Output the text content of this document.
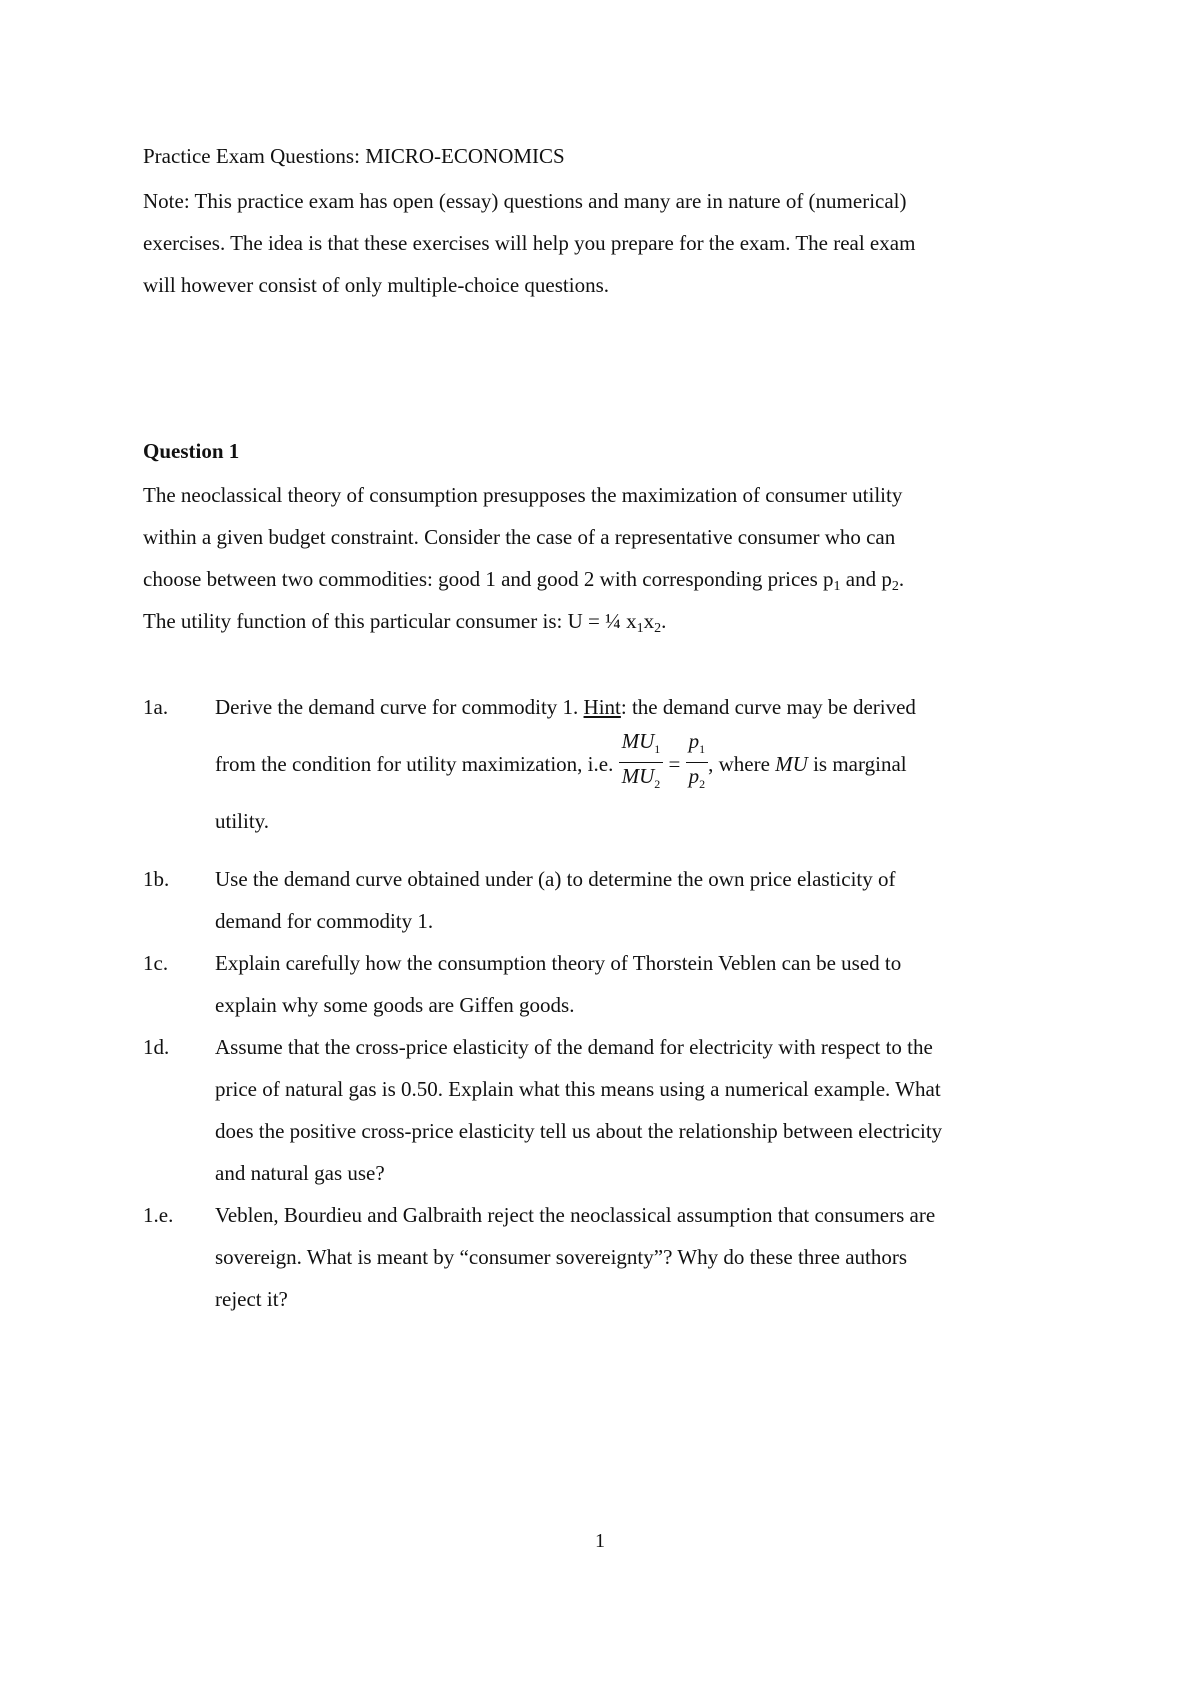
Practice Exam Questions: MICRO-ECONOMICS
Note: This practice exam has open (essay) questions and many are in nature of (numerical)
exercises. The idea is that these exercises will help you prepare for the exam. The real exam
will however consist of only multiple-choice questions.
Question 1
The neoclassical theory of consumption presupposes the maximization of consumer utility
within a given budget constraint. Consider the case of a representative consumer who can
choose between two commodities: good 1 and good 2 with corresponding prices $p_1$ and $p_2$.
The utility function of this particular consumer is: U = ¼ $x_1x_2$.
1a.	Derive the demand curve for commodity 1. Hint: the demand curve may be derived
from the condition for utility maximization, i.e. $\frac{MU_1}{MU_2} = \frac{p_1}{p_2}$ , where MU is marginal
utility.
1b.	Use the demand curve obtained under (a) to determine the own price elasticity of
demand for commodity 1.
1c.	Explain carefully how the consumption theory of Thorstein Veblen can be used to
explain why some goods are Giffen goods.
1d.	Assume that the cross-price elasticity of the demand for electricity with respect to the
price of natural gas is 0.50. Explain what this means using a numerical example. What
does the positive cross-price elasticity tell us about the relationship between electricity
and natural gas use?
1.e.	Veblen, Bourdieu and Galbraith reject the neoclassical assumption that consumers are
sovereign. What is meant by “consumer sovereignty”? Why do these three authors
reject it?
1
